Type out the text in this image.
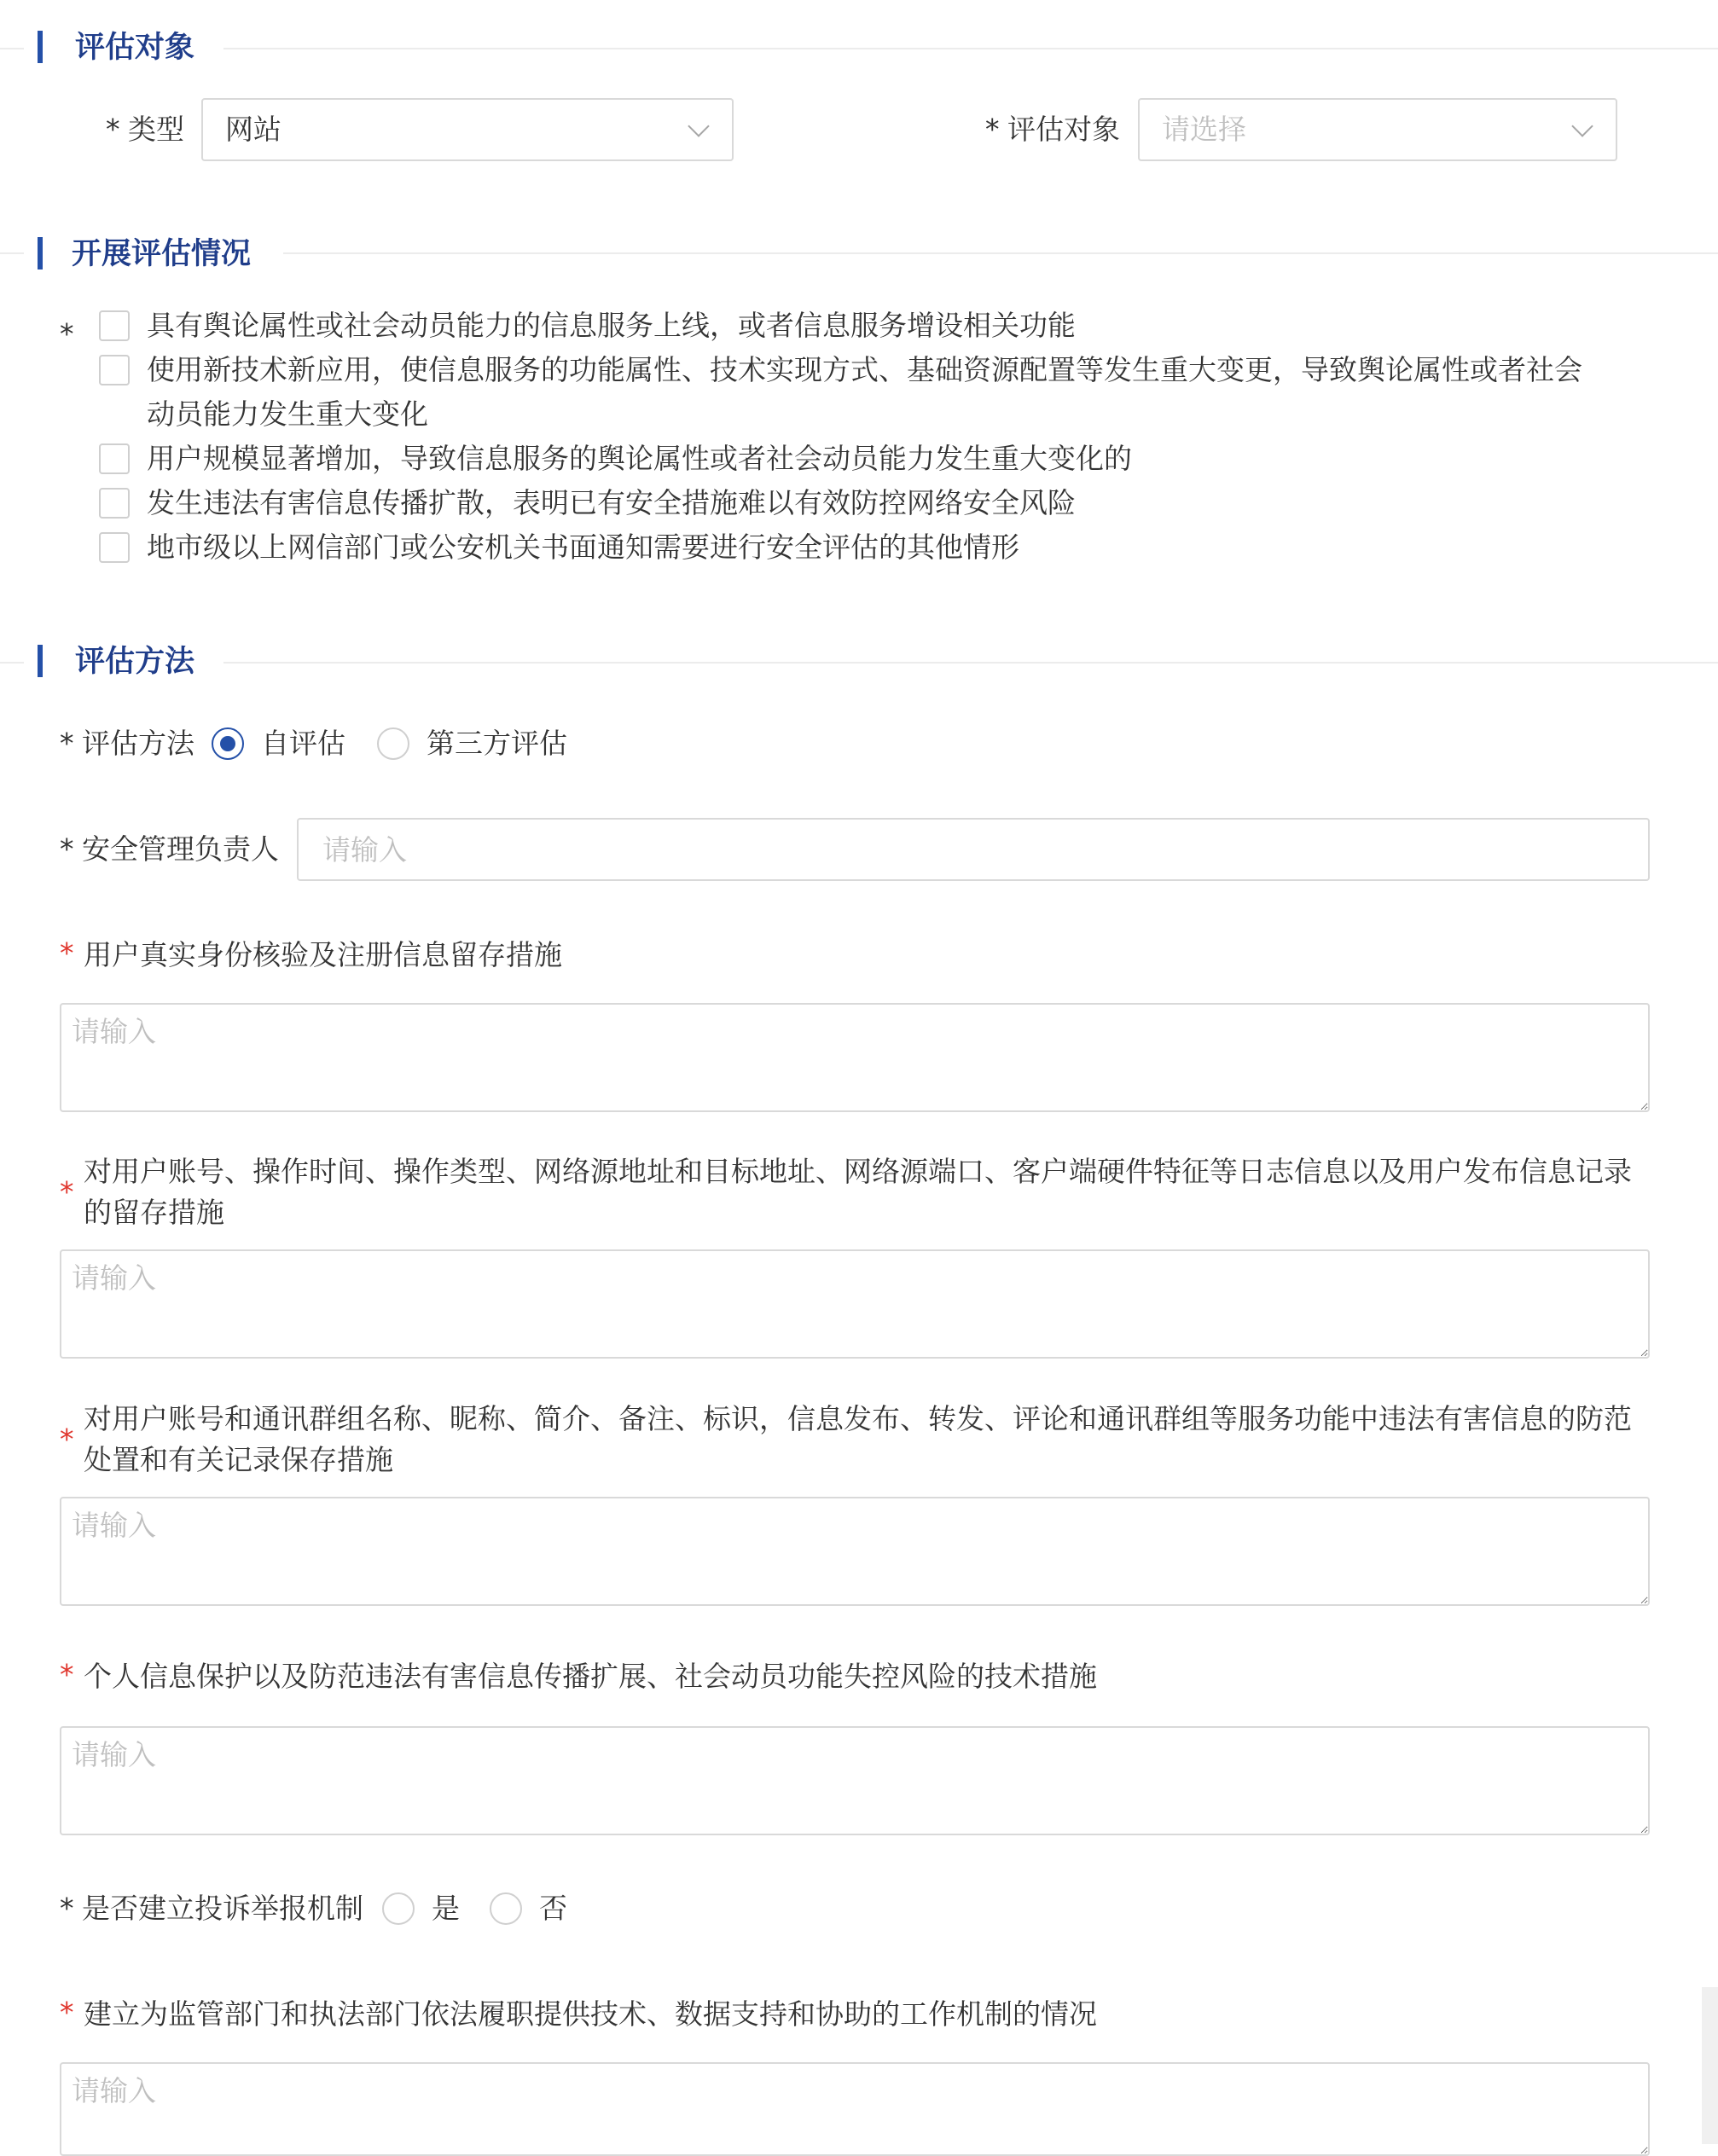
评估对象
* 类型 网站	* 评估对象 请选择
开展评估情况
*	具有舆论属性或社会动员能力的信息服务上线，或者信息服务增设相关功能
使用新技术新应用，使信息服务的功能属性、技术实现方式、基础资源配置等发生重大变更，导致舆论属性或者社会
动员能力发生重大变化
用户规模显著增加，导致信息服务的舆论属性或者社会动员能力发生重大变化的
发生违法有害信息传播扩散，表明已有安全措施难以有效防控网络安全风险
地市级以上网信部门或公安机关书面通知需要进行安全评估的其他情形
评估方法
* 评估方法 自评估	第三方评估
* 安全管理负责人
请输入
* 用户真实身份核验及注册信息留存措施
请输入
*
对用户账号、操作时间、操作类型、网络源地址和目标地址、网络源端口、客户端硬件特征等日志信息以及用户发布信息记录
的留存措施
请输入
*
对用户账号和通讯群组名称、昵称、简介、备注、标识，信息发布、转发、评论和通讯群组等服务功能中违法有害信息的防范
处置和有关记录保存措施
请输入
* 个人信息保护以及防范违法有害信息传播扩展、社会动员功能失控风险的技术措施
请输入
* 是否建立投诉举报机制 是	否
* 建立为监管部门和执法部门依法履职提供技术、数据支持和协助的工作机制的情况
请输入
